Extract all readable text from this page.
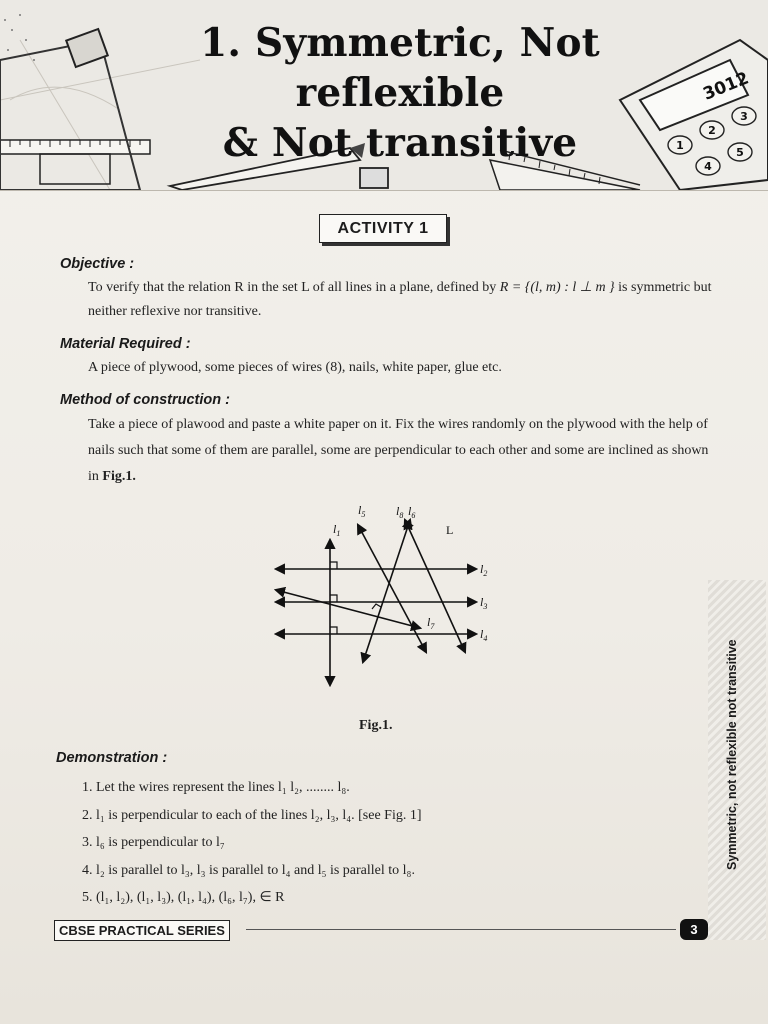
3012
1
2
3
4
5
1. Symmetric, Not reflexible
& Not transitive
ACTIVITY 1
Objective :
To verify that the relation R in the set L of all lines in a plane, defined by R = {(l, m) : l ⊥ m } is symmetric but neither reflexive nor transitive.
Material Required :
A piece of plywood, some pieces of wires (8), nails, white paper, glue etc.
Method of construction :
Take a piece of plawood and paste a white paper on it. Fix the wires randomly on the plywood with the help of nails such that some of them are parallel, some are perpendicular to each other and some are inclined as shown in Fig.1.
$l_1$
$l_2$
$l_3$
$l_4$
$l_5$	$l_8$ $l_6$
$l_7$
L
Fig.1.
Demonstration :
1. Let the wires represent the lines l₁ l₂, ........ l₈.
2. l₁ is perpendicular to each of the lines l₂, l₃, l₄. [see Fig. 1]
3. l₆ is perpendicular to l₇
4. l₂ is parallel to l₃, l₃ is parallel to l₄ and l₅ is parallel to l₈.
5. (l₁, l₂), (l₁, l₃), (l₁, l₄), (l₆, l₇), ∈ R
Symmetric, not reflexible not transitive
CBSE PRACTICAL SERIES	3
